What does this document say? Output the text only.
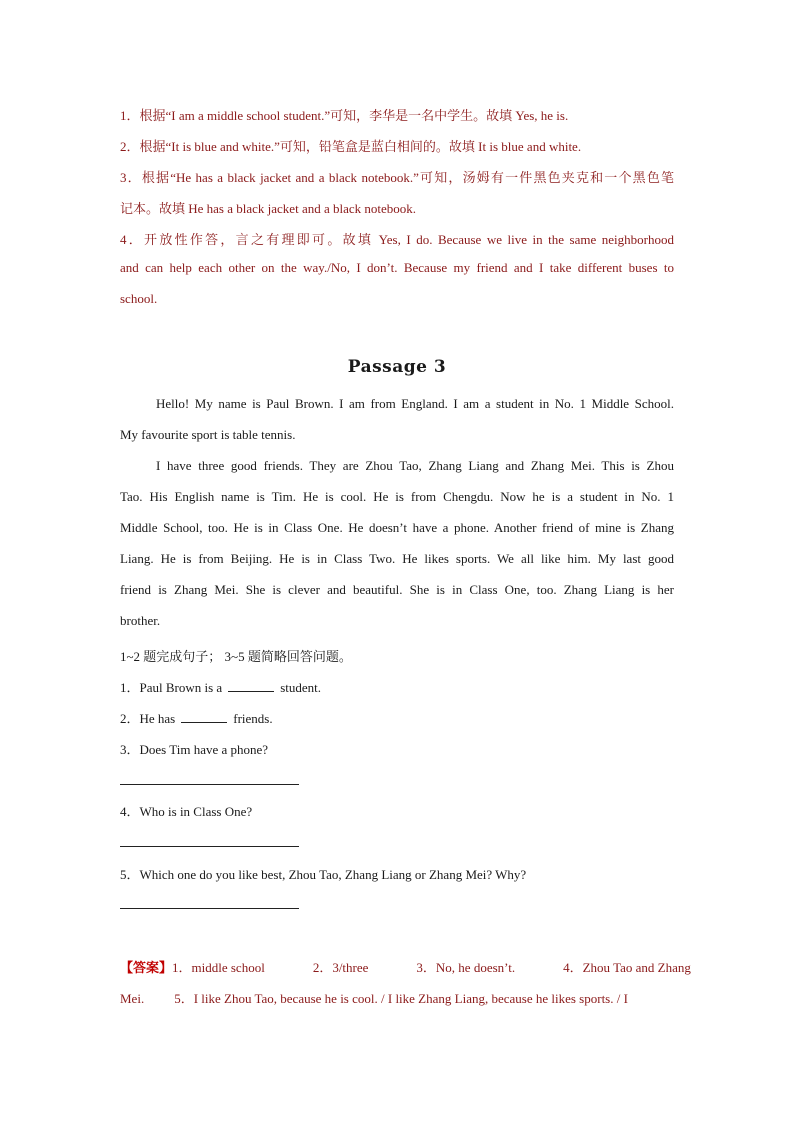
1．根据“I am a middle school student.”可知，李华是一名中学生。故填 Yes, he is.
2．根据“It is blue and white.”可知，铅笔盒是蓝白相间的。故填 It is blue and white.
3．根据“He has a black jacket and a black notebook.”可知，汤姆有一件黑色夹克和一个黑色笔
记本。故填 He has a black jacket and a black notebook.
4．开放性作答，言之有理即可。故填 Yes, I do. Because we live in the same neighborhood
and can help each other on the way./No, I don’t. Because my friend and I take different buses to
school.
Passage 3
Hello! My name is Paul Brown. I am from England. I am a student in No. 1 Middle School.
My favourite sport is table tennis.
I have three good friends. They are Zhou Tao, Zhang Liang and Zhang Mei. This is Zhou
Tao. His English name is Tim. He is cool. He is from Chengdu. Now he is a student in No. 1
Middle School, too. He is in Class One. He doesn’t have a phone. Another friend of mine is Zhang
Liang. He is from Beijing. He is in Class Two. He likes sports. We all like him. My last good
friend is Zhang Mei. She is clever and beautiful. She is in Class One, too. Zhang Liang is her
brother.
1~2 题完成句子； 3~5 题简略回答问题。
1．Paul Brown is a	student.
2．He has	friends.
3．Does Tim have a phone?
4．Who is in Class One?
5．Which one do you like best, Zhou Tao, Zhang Liang or Zhang Mei? Why?
【答案】1．middle school	2．3/three	3．No, he doesn’t.	4．Zhou Tao and Zhang
Mei. 5．I like Zhou Tao, because he is cool. / I like Zhang Liang, because he likes sports. / I
